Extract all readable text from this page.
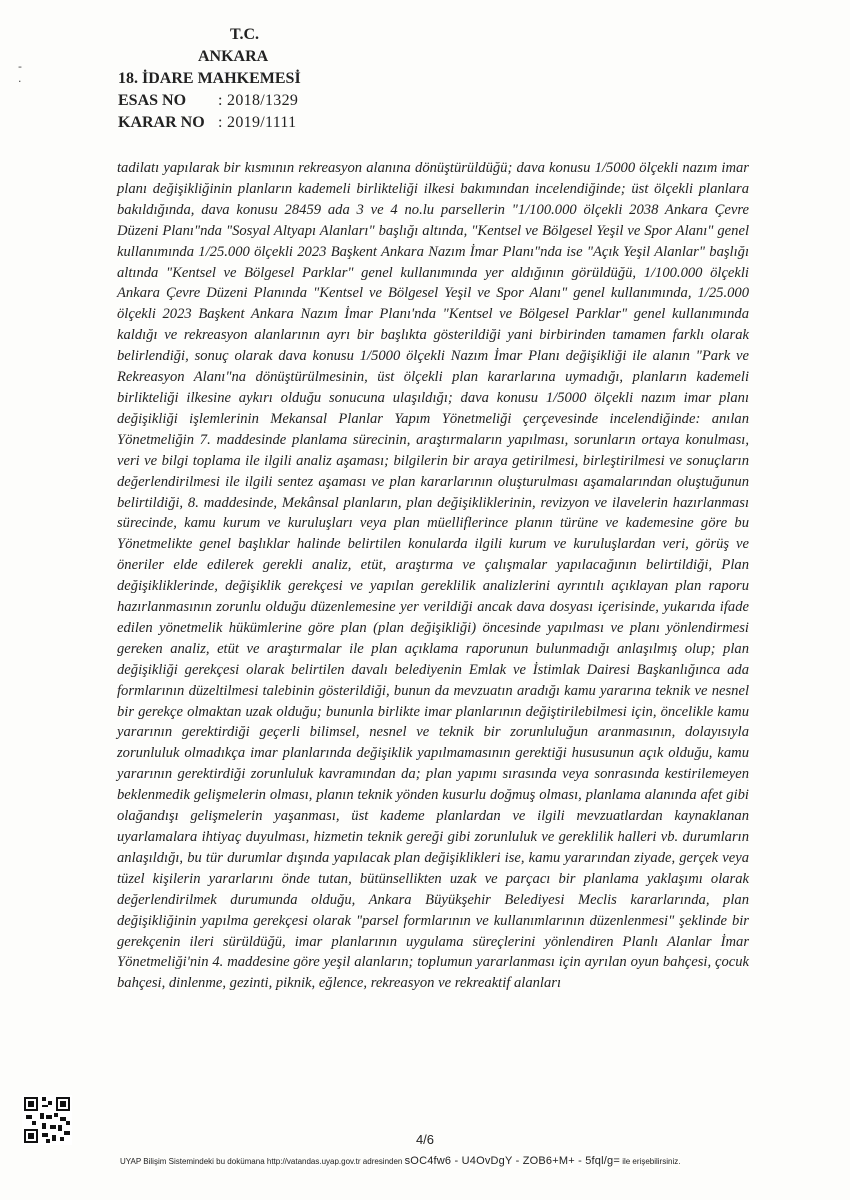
-
·
T.C.
ANKARA
18. İDARE MAHKEMESİ
ESAS NO	: 2018/1329
KARAR NO : 2019/1111
tadilatı yapılarak bir kısmının rekreasyon alanına dönüştürüldüğü; dava konusu 1/5000 ölçekli nazım imar planı değişikliğinin planların kademeli birlikteliği ilkesi bakımından incelendiğinde; üst ölçekli planlara bakıldığında, dava konusu 28459 ada 3 ve 4 no.lu parsellerin "1/100.000 ölçekli 2038 Ankara Çevre Düzeni Planı"nda "Sosyal Altyapı Alanları" başlığı altında, "Kentsel ve Bölgesel Yeşil ve Spor Alanı" genel kullanımında 1/25.000 ölçekli 2023 Başkent Ankara Nazım İmar Planı"nda ise "Açık Yeşil Alanlar" başlığı altında "Kentsel ve Bölgesel Parklar" genel kullanımında yer aldığının görüldüğü, 1/100.000 ölçekli Ankara Çevre Düzeni Planında "Kentsel ve Bölgesel Yeşil ve Spor Alanı" genel kullanımında, 1/25.000 ölçekli 2023 Başkent Ankara Nazım İmar Planı'nda "Kentsel ve Bölgesel Parklar" genel kullanımında kaldığı ve rekreasyon alanlarının ayrı bir başlıkta gösterildiği yani birbirinden tamamen farklı olarak belirlendiği, sonuç olarak dava konusu 1/5000 ölçekli Nazım İmar Planı değişikliği ile alanın "Park ve Rekreasyon Alanı"na dönüştürülmesinin, üst ölçekli plan kararlarına uymadığı, planların kademeli birlikteliği ilkesine aykırı olduğu sonucuna ulaşıldığı; dava konusu 1/5000 ölçekli nazım imar planı değişikliği işlemlerinin Mekansal Planlar Yapım Yönetmeliği çerçevesinde incelendiğinde: anılan Yönetmeliğin 7. maddesinde planlama sürecinin, araştırmaların yapılması, sorunların ortaya konulması, veri ve bilgi toplama ile ilgili analiz aşaması; bilgilerin bir araya getirilmesi, birleştirilmesi ve sonuçların değerlendirilmesi ile ilgili sentez aşaması ve plan kararlarının oluşturulması aşamalarından oluştuğunun belirtildiği, 8. maddesinde, Mekânsal planların, plan değişikliklerinin, revizyon ve ilavelerin hazırlanması sürecinde, kamu kurum ve kuruluşları veya plan müelliflerince planın türüne ve kademesine göre bu Yönetmelikte genel başlıklar halinde belirtilen konularda ilgili kurum ve kuruluşlardan veri, görüş ve öneriler elde edilerek gerekli analiz, etüt, araştırma ve çalışmalar yapılacağının belirtildiği, Plan değişikliklerinde, değişiklik gerekçesi ve yapılan gereklilik analizlerini ayrıntılı açıklayan plan raporu hazırlanmasının zorunlu olduğu düzenlemesine yer verildiği ancak dava dosyası içerisinde, yukarıda ifade edilen yönetmelik hükümlerine göre plan (plan değişikliği) öncesinde yapılması ve planı yönlendirmesi gereken analiz, etüt ve araştırmalar ile plan açıklama raporunun bulunmadığı anlaşılmış olup; plan değişikliği gerekçesi olarak belirtilen davalı belediyenin Emlak ve İstimlak Dairesi Başkanlığınca ada formlarının düzeltilmesi talebinin gösterildiği, bunun da mevzuatın aradığı kamu yararına teknik ve nesnel bir gerekçe olmaktan uzak olduğu; bununla birlikte imar planlarının değiştirilebilmesi için, öncelikle kamu yararının gerektirdiği geçerli bilimsel, nesnel ve teknik bir zorunluluğun aranmasının, dolayısıyla zorunluluk olmadıkça imar planlarında değişiklik yapılmamasının gerektiği hususunun açık olduğu, kamu yararının gerektirdiği zorunluluk kavramından da; plan yapımı sırasında veya sonrasında kestirilemeyen beklenmedik gelişmelerin olması, planın teknik yönden kusurlu doğmuş olması, planlama alanında afet gibi olağandışı gelişmelerin yaşanması, üst kademe planlardan ve ilgili mevzuatlardan kaynaklanan uyarlamalara ihtiyaç duyulması, hizmetin teknik gereği gibi zorunluluk ve gereklilik halleri vb. durumların anlaşıldığı, bu tür durumlar dışında yapılacak plan değişiklikleri ise, kamu yararından ziyade, gerçek veya tüzel kişilerin yararlarını önde tutan, bütünsellikten uzak ve parçacı bir planlama yaklaşımı olarak değerlendirilmek durumunda olduğu, Ankara Büyükşehir Belediyesi Meclis kararlarında, plan değişikliğinin yapılma gerekçesi olarak "parsel formlarının ve kullanımlarının düzenlenmesi" şeklinde bir gerekçenin ileri sürüldüğü, imar planlarının uygulama süreçlerini yönlendiren Planlı Alanlar İmar Yönetmeliği'nin 4. maddesine göre yeşil alanların; toplumun yararlanması için ayrılan oyun bahçesi, çocuk bahçesi, dinlenme, gezinti, piknik, eğlence, rekreasyon ve rekreaktif alanları
4/6
UYAP Bilişim Sistemindeki bu dokümana http://vatandas.uyap.gov.tr adresinden sOC4fw6 - U4OvDgY - ZOB6+M+ - 5fql/g= ile erişebilirsiniz.
